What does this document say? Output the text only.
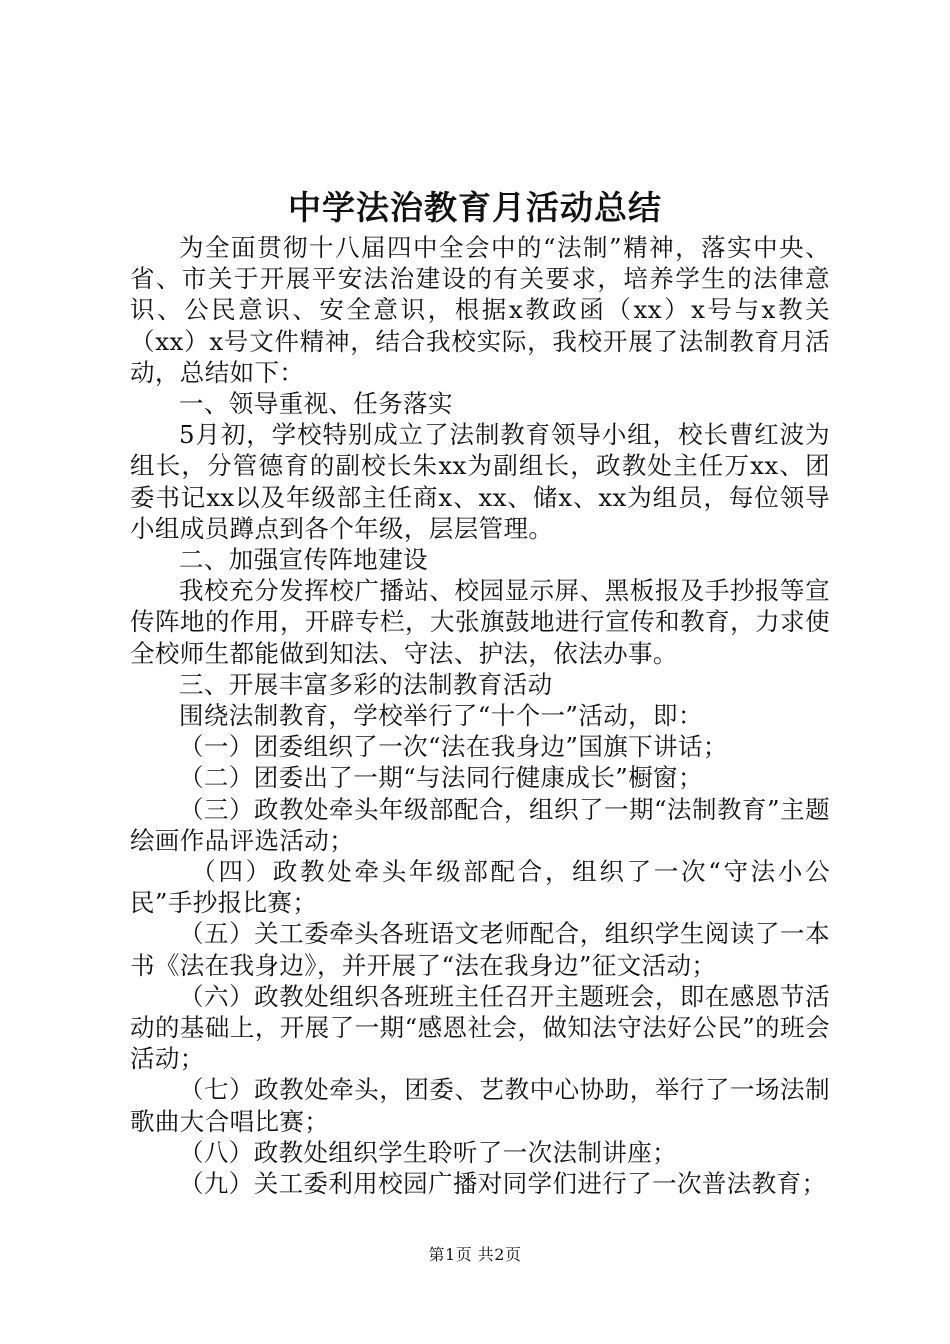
中学法治教育月活动总结

为全面贯彻十八届四中全会中的“法制”精神，落实中央、省、市关于开展平安法治建设的有关要求，培养学生的法律意识、公民意识、安全意识，根据x教政函（xx）x号与x教关（xx）x号文件精神，结合我校实际，我校开展了法制教育月活动，总结如下：

一、领导重视、任务落实

5月初，学校特别成立了法制教育领导小组，校长曹红波为组长，分管德育的副校长朱xx为副组长，政教处主任万xx、团委书记xx以及年级部主任商x、xx、储x、xx为组员，每位领导小组成员蹲点到各个年级，层层管理。

二、加强宣传阵地建设

我校充分发挥校广播站、校园显示屏、黑板报及手抄报等宣传阵地的作用，开辟专栏，大张旗鼓地进行宣传和教育，力求使全校师生都能做到知法、守法、护法，依法办事。

三、开展丰富多彩的法制教育活动

围绕法制教育，学校举行了“十个一”活动，即：

（一）团委组织了一次“法在我身边”国旗下讲话；

（二）团委出了一期“与法同行健康成长”橱窗；

（三）政教处牵头年级部配合，组织了一期“法制教育”主题绘画作品评选活动；

（四）政教处牵头年级部配合，组织了一次“守法小公民”手抄报比赛；

（五）关工委牵头各班语文老师配合，组织学生阅读了一本书《法在我身边》，并开展了“法在我身边”征文活动；

（六）政教处组织各班班主任召开主题班会，即在感恩节活动的基础上，开展了一期“感恩社会，做知法守法好公民”的班会活动；

（七）政教处牵头，团委、艺教中心协助，举行了一场法制歌曲大合唱比赛；

（八）政教处组织学生聆听了一次法制讲座；

（九）关工委利用校园广播对同学们进行了一次普法教育；

第1页 共2页
